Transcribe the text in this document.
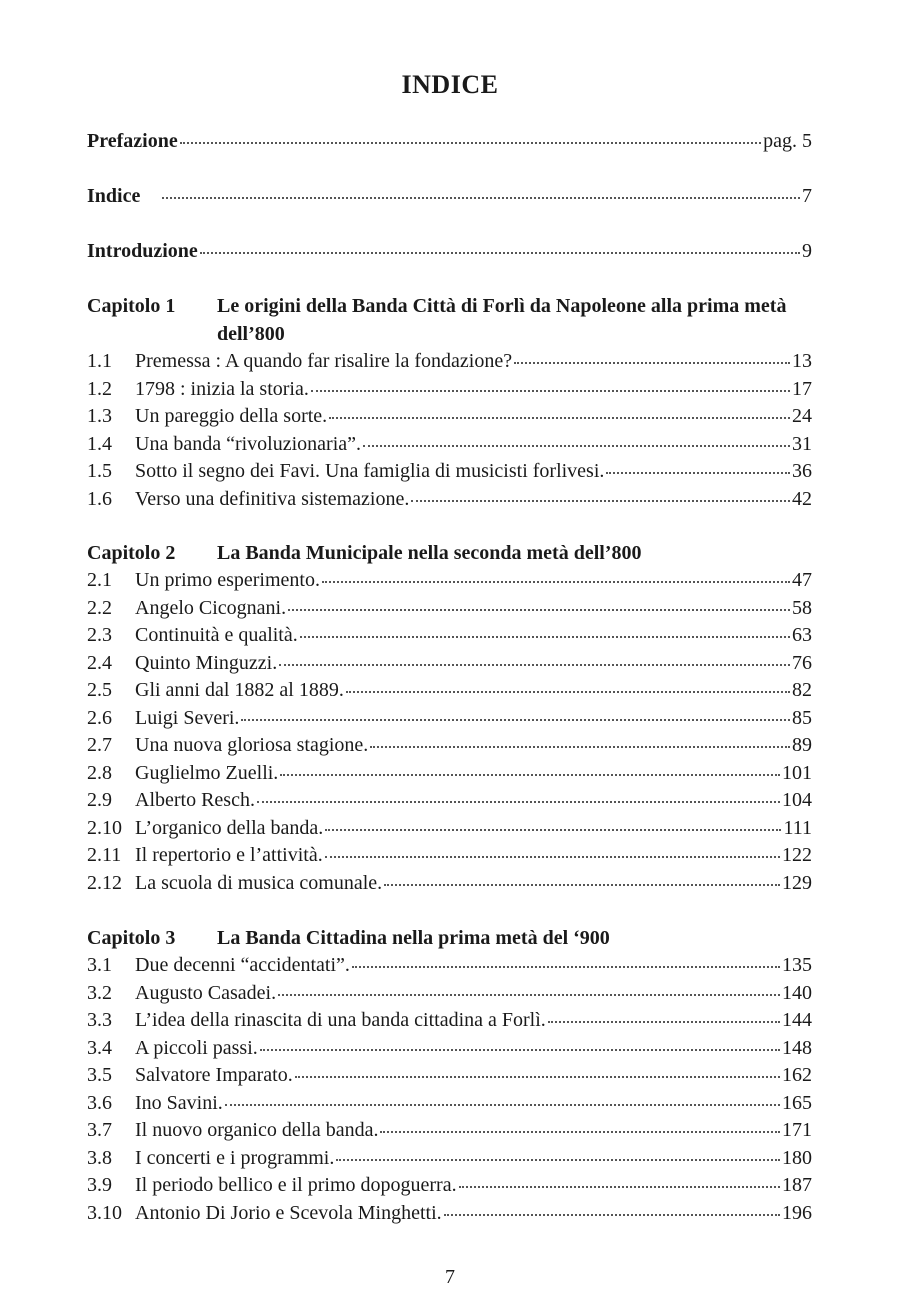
INDICE
Prefazione	pag. 5
Indice	7
Introduzione	9
Capitolo 1	Le origini della Banda Città di Forlì da Napoleone alla prima metà dell’800
1.1	Premessa : A quando far risalire la fondazione?	13
1.2	1798 : inizia la storia.	17
1.3	Un pareggio della sorte.	24
1.4	Una banda “rivoluzionaria”.	31
1.5	Sotto il segno dei Favi. Una famiglia di musicisti forlivesi.	36
1.6	Verso una definitiva sistemazione.	42
Capitolo 2	La Banda Municipale nella seconda metà dell’800
2.1	Un primo esperimento.	47
2.2	Angelo Cicognani.	58
2.3	Continuità e qualità.	63
2.4	Quinto Minguzzi.	76
2.5	Gli anni dal 1882 al 1889.	82
2.6	Luigi Severi.	85
2.7	Una nuova gloriosa stagione.	89
2.8	Guglielmo Zuelli.	101
2.9	Alberto Resch.	104
2.10 L’organico della banda.	111
2.11 Il repertorio e l’attività.	122
2.12 La scuola di musica comunale.	129
Capitolo 3	La Banda Cittadina nella prima metà del ‘900
3.1	Due decenni “accidentati”.	135
3.2	Augusto Casadei.	140
3.3	L’idea della rinascita di una banda cittadina a Forlì.	144
3.4	A piccoli passi.	148
3.5	Salvatore Imparato.	162
3.6	Ino Savini.	165
3.7	Il nuovo organico della banda.	171
3.8	I concerti e i programmi.	180
3.9	Il periodo bellico e il primo dopoguerra.	187
3.10 Antonio Di Jorio e Scevola Minghetti.	196
7
